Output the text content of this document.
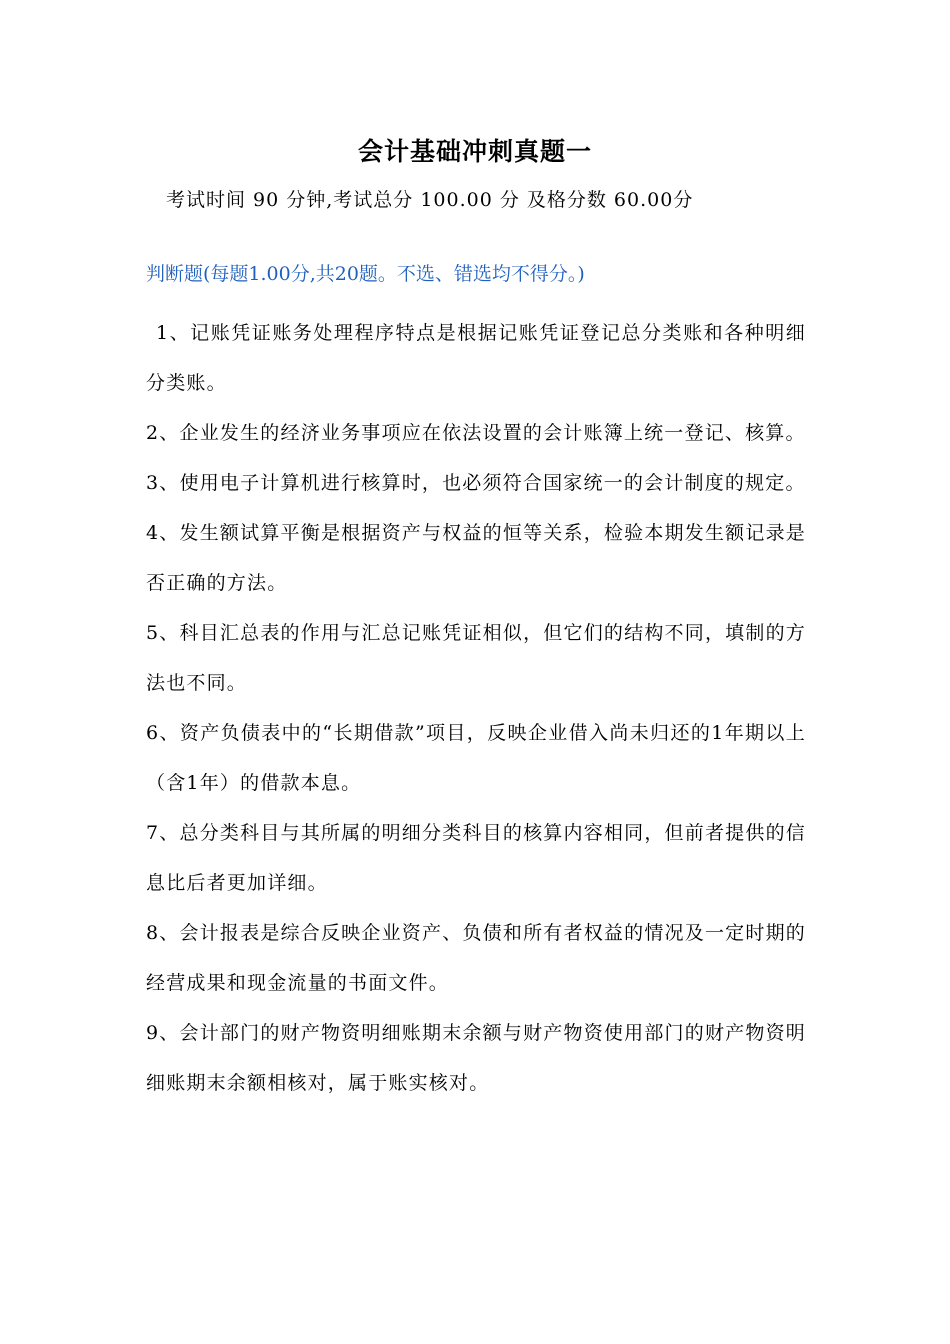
会计基础冲刺真题一
考试时间 90 分钟,考试总分 100.00 分 及格分数 60.00分
判断题(每题1.00分,共20题。不选、错选均不得分。)

1、记账凭证账务处理程序特点是根据记账凭证登记总分类账和各种明细分类账。

2、企业发生的经济业务事项应在依法设置的会计账簿上统一登记、核算。

3、使用电子计算机进行核算时，也必须符合国家统一的会计制度的规定。

4、发生额试算平衡是根据资产与权益的恒等关系，检验本期发生额记录是否正确的方法。

5、科目汇总表的作用与汇总记账凭证相似，但它们的结构不同，填制的方法也不同。

6、资产负债表中的“长期借款”项目，反映企业借入尚未归还的1年期以上（含1年）的借款本息。

7、总分类科目与其所属的明细分类科目的核算内容相同，但前者提供的信息比后者更加详细。

8、会计报表是综合反映企业资产、负债和所有者权益的情况及一定时期的经营成果和现金流量的书面文件。

9、会计部门的财产物资明细账期末余额与财产物资使用部门的财产物资明细账期末余额相核对，属于账实核对。
